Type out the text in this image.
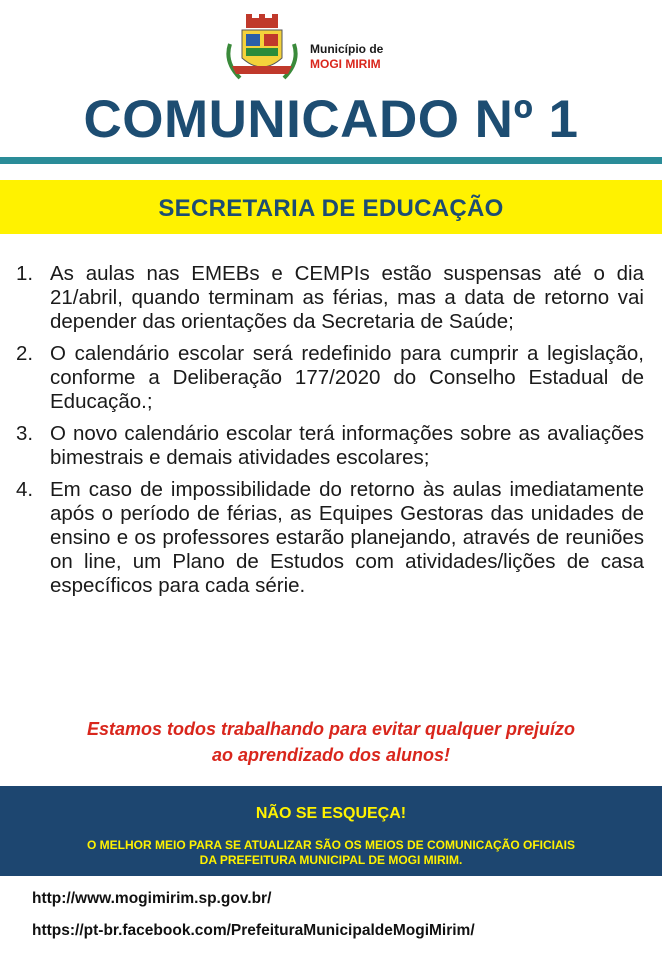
Município de
MOGI MIRIM
COMUNICADO Nº 1
SECRETARIA DE EDUCAÇÃO
1. As aulas nas EMEBs e CEMPIs estão suspensas até o dia 21/abril, quando terminam as férias, mas a data de retorno vai depender das orientações da Secretaria de Saúde;
2. O calendário escolar será redefinido para cumprir a legislação, conforme a Deliberação 177/2020 do Conselho Estadual de Educação.;
3. O novo calendário escolar terá informações sobre as avaliações bimestrais e demais atividades escolares;
4. Em caso de impossibilidade do retorno às aulas imediatamente após o período de férias, as Equipes Gestoras das unidades de ensino e os professores estarão planejando, através de reuniões on line, um Plano de Estudos com atividades/lições de casa específicos para cada série.
Estamos todos trabalhando para evitar qualquer prejuízo
ao aprendizado dos alunos!
NÃO SE ESQUEÇA!
O MELHOR MEIO PARA SE ATUALIZAR SÃO OS MEIOS DE COMUNICAÇÃO OFICIAIS
DA PREFEITURA MUNICIPAL DE MOGI MIRIM.
http://www.mogimirim.sp.gov.br/
https://pt-br.facebook.com/PrefeituraMunicipaldeMogiMirim/
